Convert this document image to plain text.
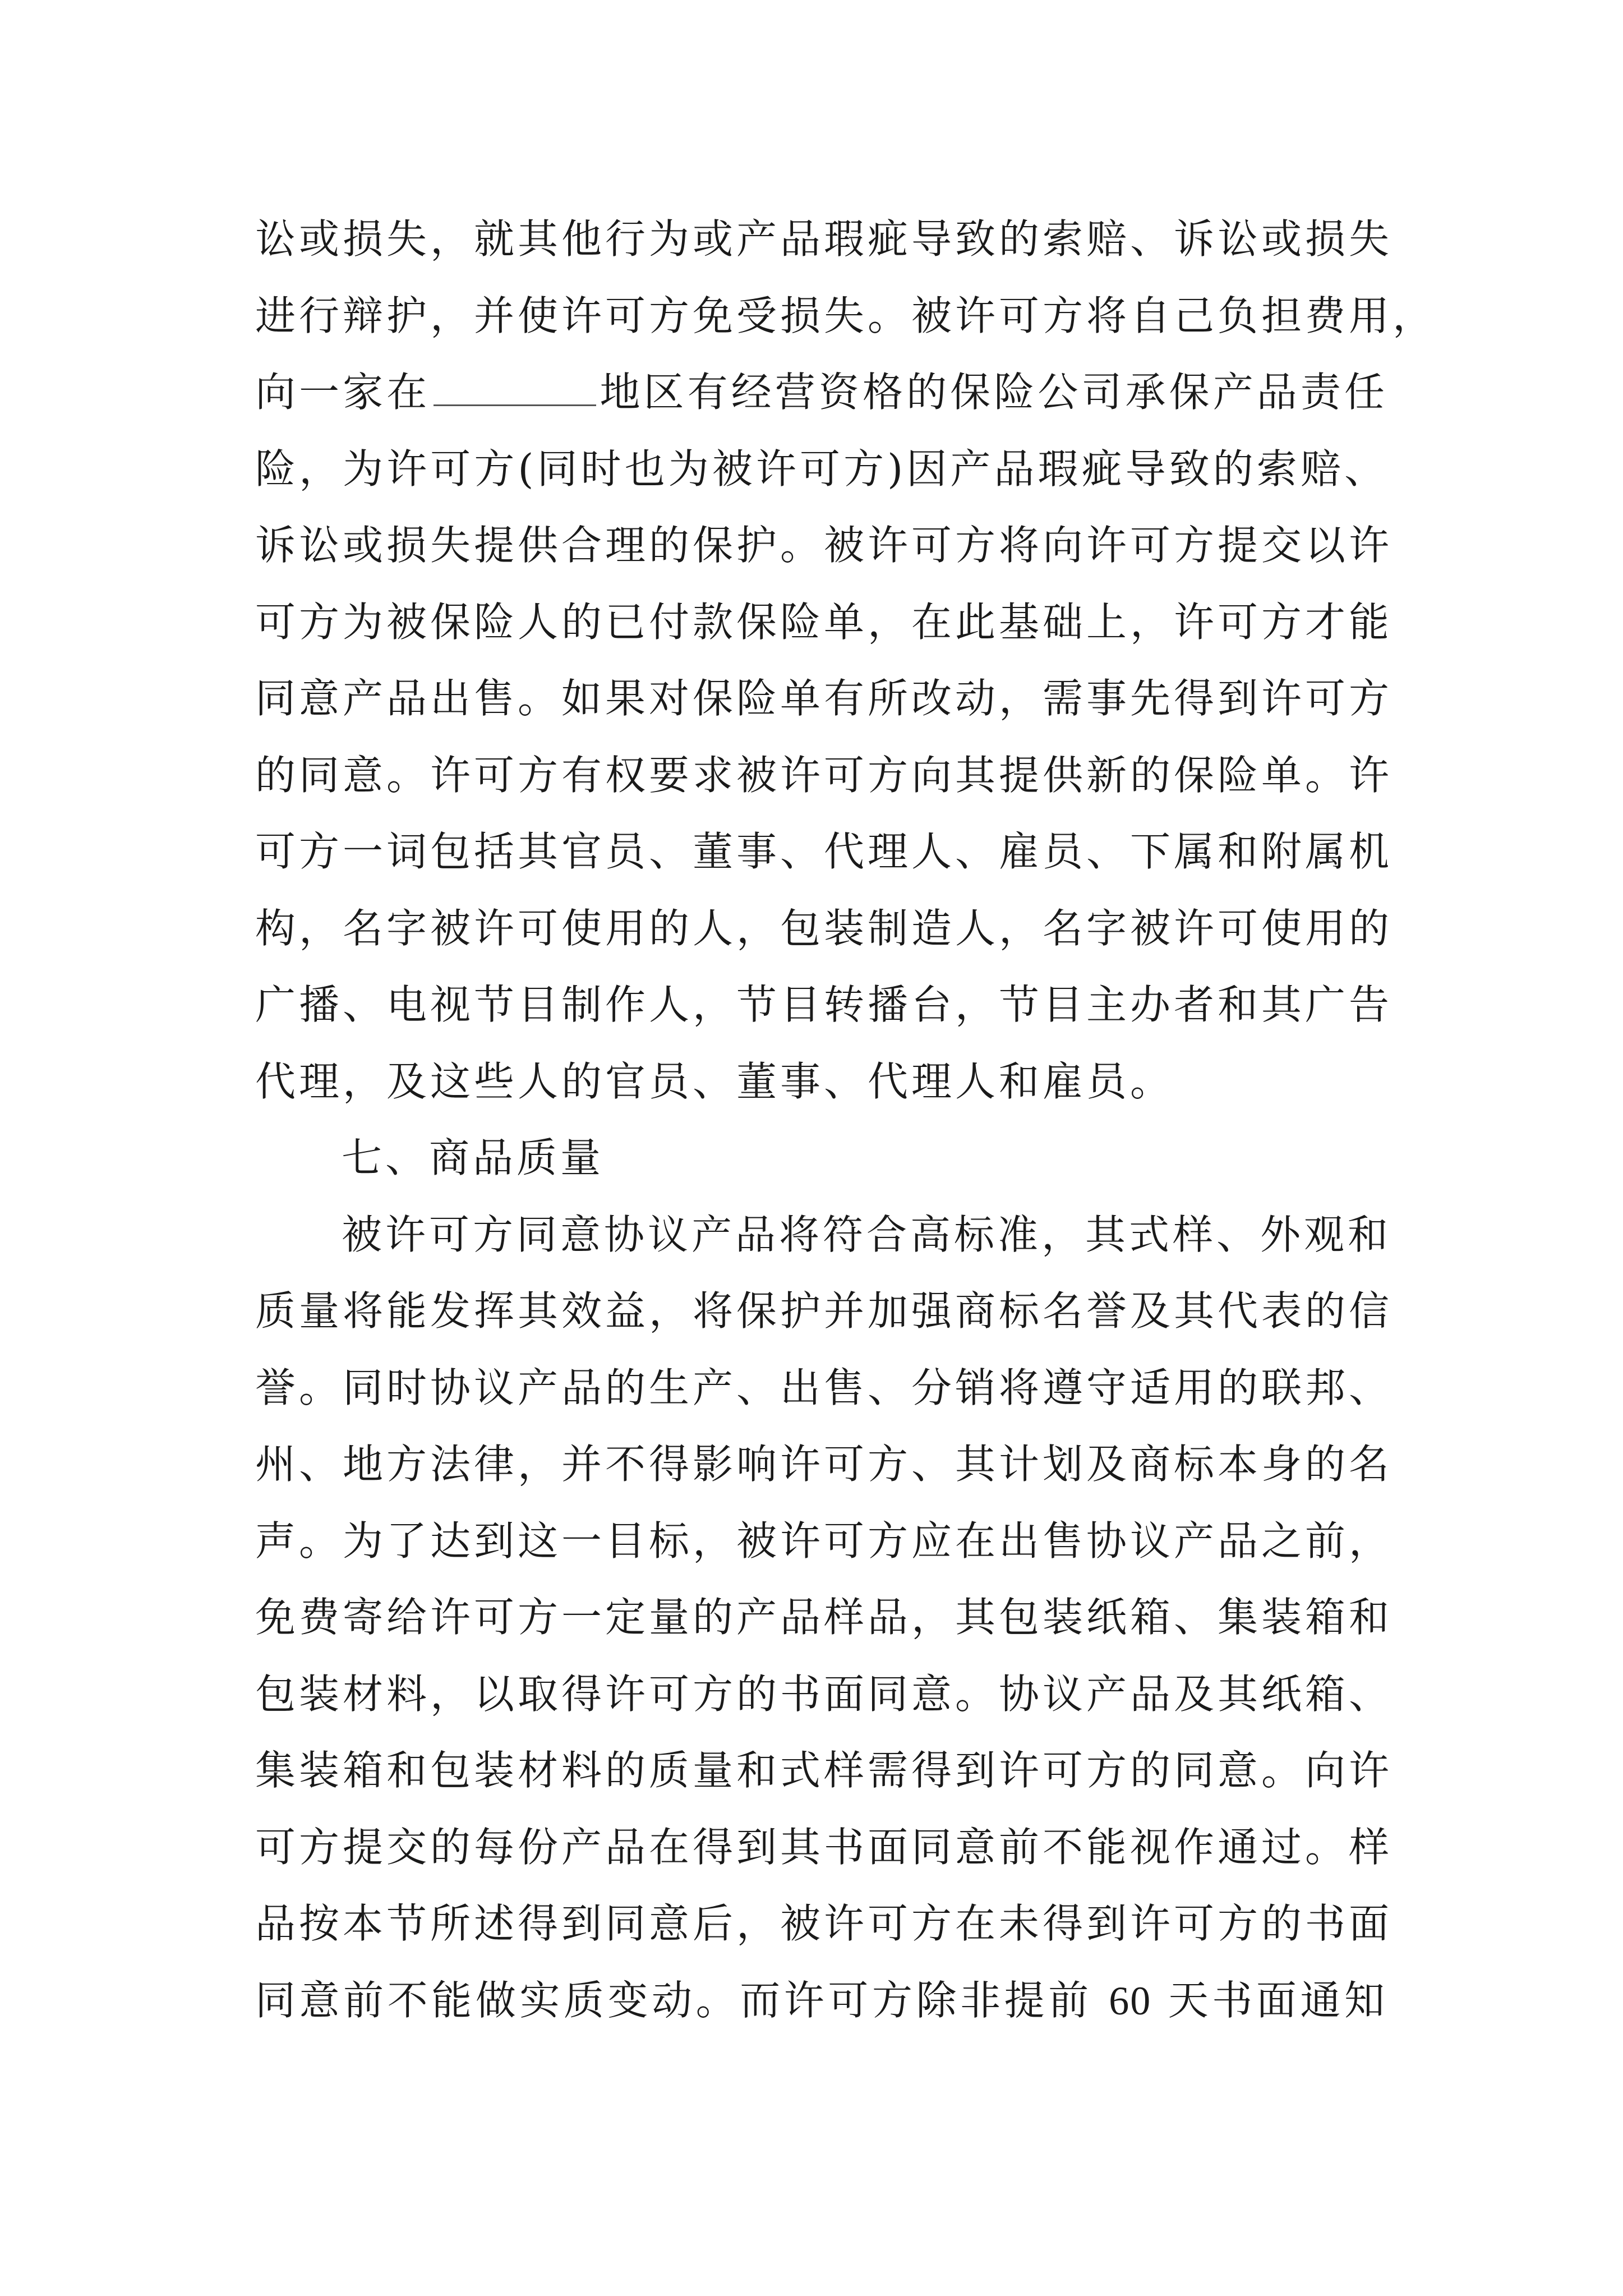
讼或损失，就其他行为或产品瑕疵导致的索赔、诉讼或损失
进行辩护，并使许可方免受损失。被许可方将自己负担费用，
向一家在	地区有经营资格的保险公司承保产品责任
险，为许可方(同时也为被许可方)因产品瑕疵导致的索赔、
诉讼或损失提供合理的保护。被许可方将向许可方提交以许
可方为被保险人的已付款保险单，在此基础上，许可方才能
同意产品出售。如果对保险单有所改动，需事先得到许可方
的同意。许可方有权要求被许可方向其提供新的保险单。许
可方一词包括其官员、董事、代理人、雇员、下属和附属机
构，名字被许可使用的人，包装制造人，名字被许可使用的
广播、电视节目制作人，节目转播台，节目主办者和其广告
代理，及这些人的官员、董事、代理人和雇员。
七、商品质量
被许可方同意协议产品将符合高标准，其式样、外观和
质量将能发挥其效益，将保护并加强商标名誉及其代表的信
誉。同时协议产品的生产、出售、分销将遵守适用的联邦、
州、地方法律，并不得影响许可方、其计划及商标本身的名
声。为了达到这一目标，被许可方应在出售协议产品之前，
免费寄给许可方一定量的产品样品，其包装纸箱、集装箱和
包装材料，以取得许可方的书面同意。协议产品及其纸箱、
集装箱和包装材料的质量和式样需得到许可方的同意。向许
可方提交的每份产品在得到其书面同意前不能视作通过。样
品按本节所述得到同意后，被许可方在未得到许可方的书面
同意前不能做实质变动。而许可方除非提前 60 天书面通知
